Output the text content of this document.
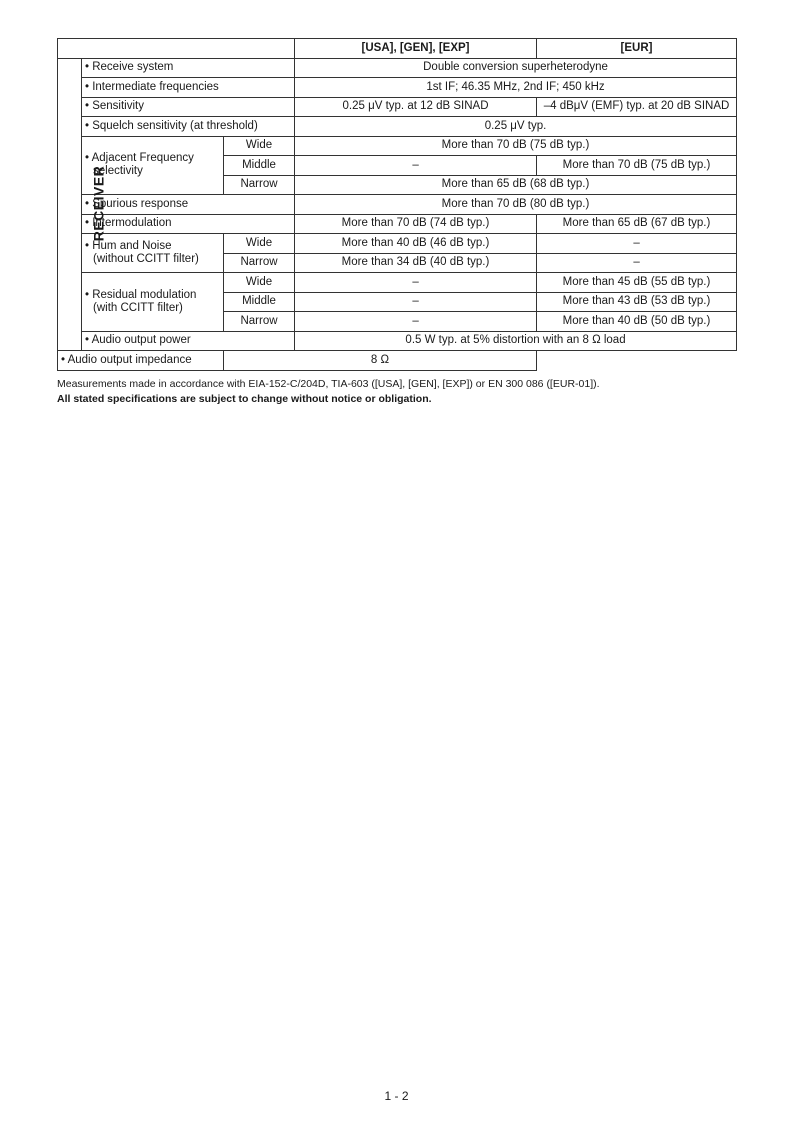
			[USA], [GEN], [EXP]	[EUR]
RECEIVER	• Receive system		Double conversion superheterodyne	
	• Intermediate frequencies		1st IF; 46.35 MHz, 2nd IF; 450 kHz	
	• Sensitivity		0.25 μV typ. at 12 dB SINAD	–4 dBμV (EMF) typ. at 20 dB SINAD
	• Squelch sensitivity (at threshold)		0.25 μV typ.	

	• Adjacent Frequency
selectivity	Wide	More than 70 dB (75 dB typ.)	
		Middle	–	More than 70 dB (75 dB typ.)
		Narrow	More than 65 dB (68 dB typ.)	
	• Spurious response		More than 70 dB (80 dB typ.)	
	• Intermodulation		More than 70 dB (74 dB typ.)	More than 65 dB (67 dB typ.)

	• Hum and Noise
(without CCITT filter)	Wide	More than 40 dB (46 dB typ.)	–
		Narrow	More than 34 dB (40 dB typ.)	–

	• Residual modulation
(with CCITT filter)	Wide	–	More than 45 dB (55 dB typ.)
		Middle	–	More than 43 dB (53 dB typ.)
		Narrow	–	More than 40 dB (50 dB typ.)
	• Audio output power		0.5 W typ. at 5% distortion with an 8 Ω load	
• Audio output impedance		8 Ω		
Measurements made in accordance with EIA-152-C/204D, TIA-603 ([USA], [GEN], [EXP]) or EN 300 086 ([EUR-01]).
All stated specifications are subject to change without notice or obligation.
1 - 2
